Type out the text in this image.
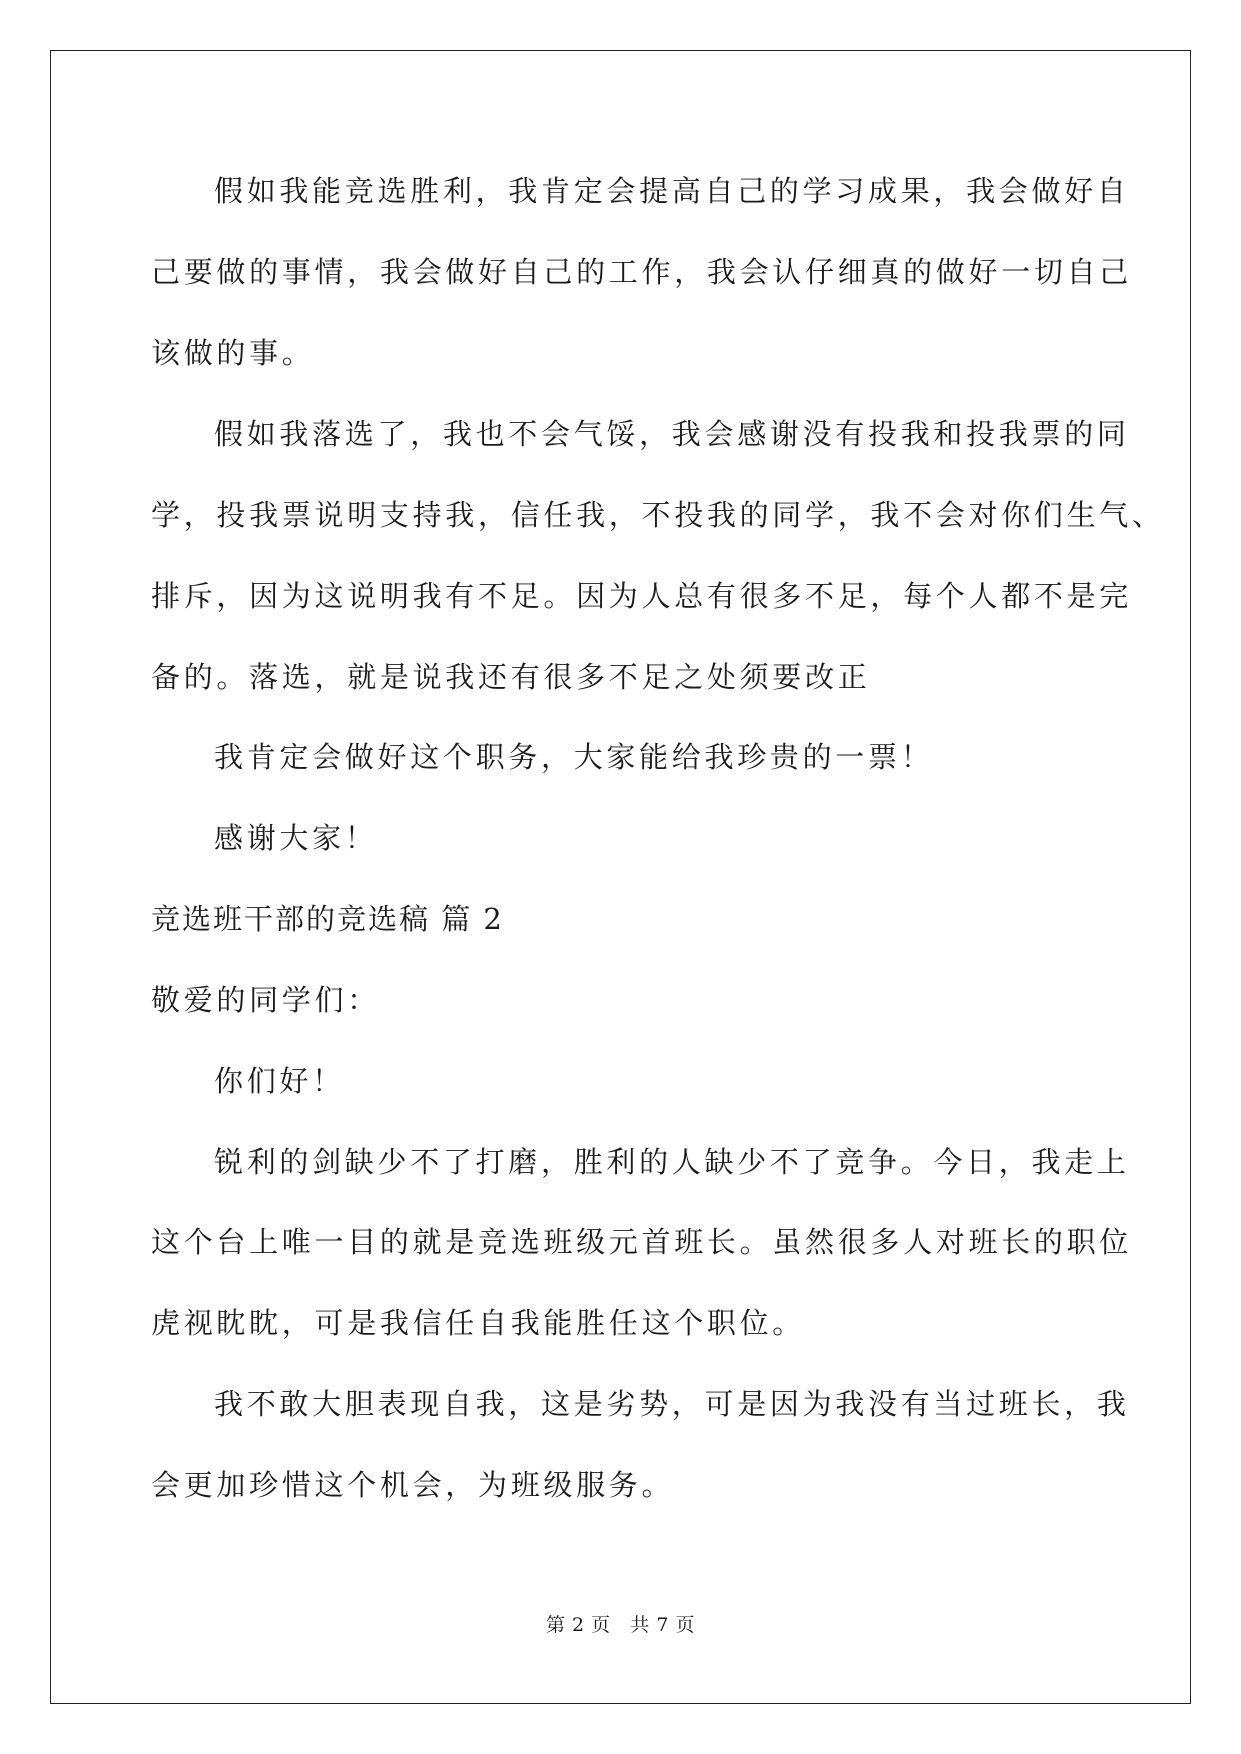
假如我能竞选胜利，我肯定会提高自己的学习成果，我会做好自
己要做的事情，我会做好自己的工作，我会认仔细真的做好一切自己
该做的事。
假如我落选了，我也不会气馁，我会感谢没有投我和投我票的同
学，投我票说明支持我，信任我，不投我的同学，我不会对你们生气、
排斥，因为这说明我有不足。因为人总有很多不足，每个人都不是完
备的。落选，就是说我还有很多不足之处须要改正
我肯定会做好这个职务，大家能给我珍贵的一票！
感谢大家！
竞选班干部的竞选稿 篇 2
敬爱的同学们：
你们好！
锐利的剑缺少不了打磨，胜利的人缺少不了竞争。今日，我走上
这个台上唯一目的就是竞选班级元首班长。虽然很多人对班长的职位
虎视眈眈，可是我信任自我能胜任这个职位。
我不敢大胆表现自我，这是劣势，可是因为我没有当过班长，我
会更加珍惜这个机会，为班级服务。
第 2 页   共 7 页
